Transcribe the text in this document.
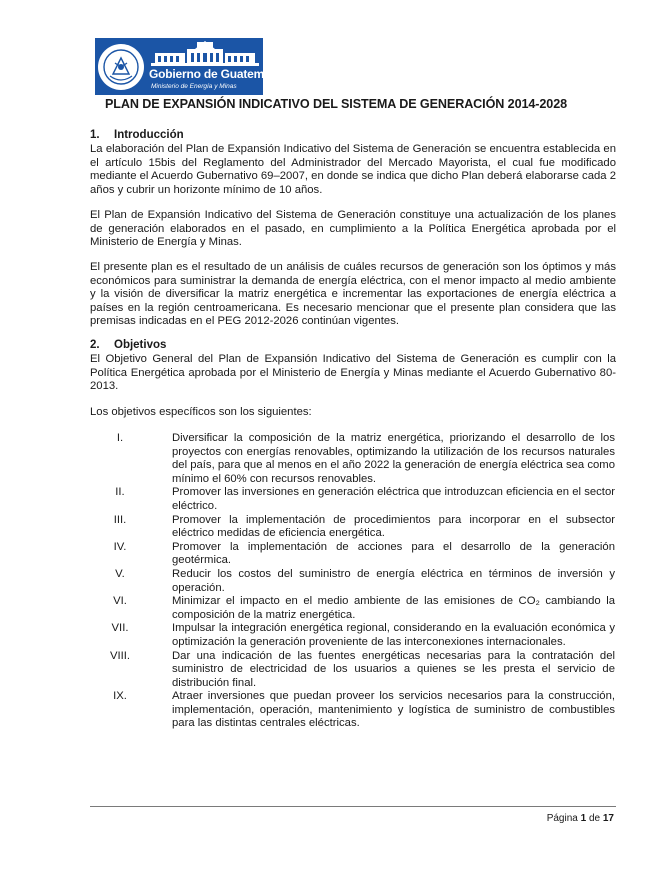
Gobierno de Guatemala
Ministerio de Energía y Minas
PLAN DE EXPANSIÓN INDICATIVO DEL SISTEMA DE GENERACIÓN 2014-2028
1. Introducción

La elaboración del Plan de Expansión Indicativo del Sistema de Generación se encuentra establecida en el artículo 15bis del Reglamento del Administrador del Mercado Mayorista, el cual fue modificado mediante el Acuerdo Gubernativo 69–2007, en donde se indica que dicho Plan deberá elaborarse cada 2 años y cubrir un horizonte mínimo de 10 años.

El Plan de Expansión Indicativo del Sistema de Generación constituye una actualización de los planes de generación elaborados en el pasado, en cumplimiento a la Política Energética aprobada por el Ministerio de Energía y Minas.

El presente plan es el resultado de un análisis de cuáles recursos de generación son los óptimos y más económicos para suministrar la demanda de energía eléctrica, con el menor impacto al medio ambiente y la visión de diversificar la matriz energética e incrementar las exportaciones de energía eléctrica a países en la región centroamericana. Es necesario mencionar que el presente plan considera que las premisas indicadas en el PEG 2012-2026 continúan vigentes.

2. Objetivos

El Objetivo General del Plan de Expansión Indicativo del Sistema de Generación es cumplir con la Política Energética aprobada por el Ministerio de Energía y Minas mediante el Acuerdo Gubernativo 80-2013.

Los objetivos específicos son los siguientes:

I.	Diversificar la composición de la matriz energética, priorizando el desarrollo de los proyectos con energías renovables, optimizando la utilización de los recursos naturales del país, para que al menos en el año 2022 la generación de energía eléctrica sea como mínimo el 60% con recursos renovables.
II.	Promover las inversiones en generación eléctrica que introduzcan eficiencia en el sector eléctrico.
III.	Promover la implementación de procedimientos para incorporar en el subsector eléctrico medidas de eficiencia energética.
IV.	Promover la implementación de acciones para el desarrollo de la generación geotérmica.
V.	Reducir los costos del suministro de energía eléctrica en términos de inversión y operación.
VI.	Minimizar el impacto en el medio ambiente de las emisiones de CO₂ cambiando la composición de la matriz energética.
VII.	Impulsar la integración energética regional, considerando en la evaluación económica y optimización la generación proveniente de las interconexiones internacionales.
VIII.	Dar una indicación de las fuentes energéticas necesarias para la contratación del suministro de electricidad de los usuarios a quienes se les presta el servicio de distribución final.
IX.	Atraer inversiones que puedan proveer los servicios necesarios para la construcción, implementación, operación, mantenimiento y logística de suministro de combustibles para las distintas centrales eléctricas.
Página 1 de 17
